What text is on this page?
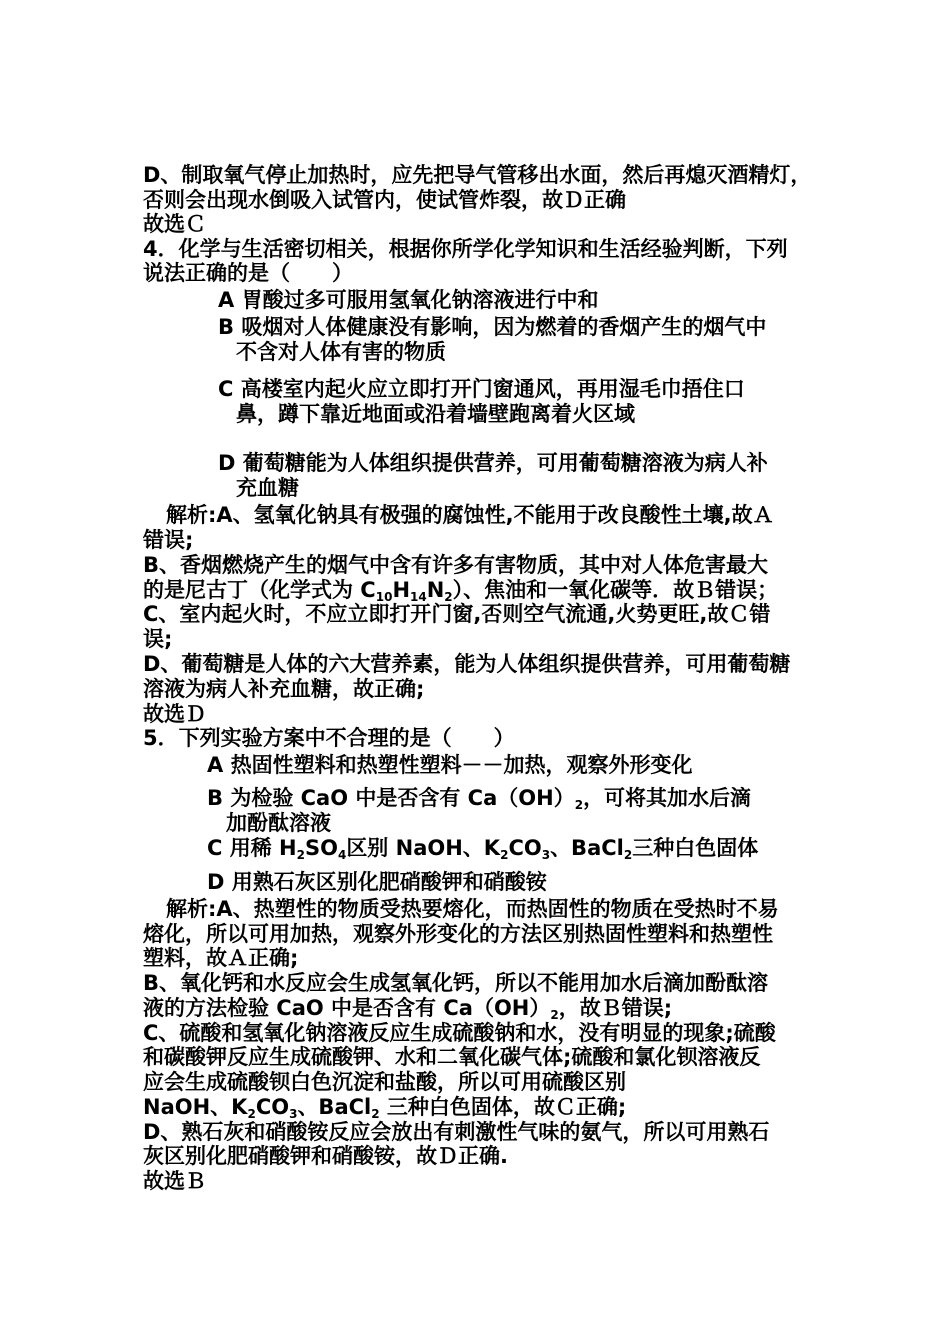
D、制取氧气停止加热时，应先把导气管移出水面，然后再熄灭酒精灯，

否则会出现水倒吸入试管内，使试管炸裂，故Ｄ正确

故选Ｃ

4．化学与生活密切相关，根据你所学化学知识和生活经验判断，下列

说法正确的是（　　）

A 胃酸过多可服用氢氧化钠溶液进行中和

B 吸烟对人体健康没有影响，因为燃着的香烟产生的烟气中

不含对人体有害的物质

C 高楼室内起火应立即打开门窗通风，再用湿毛巾捂住口

鼻，蹲下靠近地面或沿着墙壁跑离着火区域

D 葡萄糖能为人体组织提供营养，可用葡萄糖溶液为病人补

充血糖

解析:A、氢氧化钠具有极强的腐蚀性,不能用于改良酸性土壤,故Ａ

错误;

B、香烟燃烧产生的烟气中含有许多有害物质，其中对人体危害最大

的是尼古丁（化学式为 $C_{10}H_{14}N_2$）、焦油和一氧化碳等．故Ｂ错误；

C、室内起火时，不应立即打开门窗,否则空气流通,火势更旺,故Ｃ错

误;

D、葡萄糖是人体的六大营养素，能为人体组织提供营养，可用葡萄糖

溶液为病人补充血糖，故正确;

故选Ｄ

5．下列实验方案中不合理的是（　　）

A 热固性塑料和热塑性塑料－－加热，观察外形变化

B 为检验 CaO 中是否含有 $Ca(OH)_2$，可将其加水后滴

加酚酞溶液

C 用稀 $H_2SO_4$区别 NaOH、$K_2CO_3$、BaCl$_2$三种白色固体

D 用熟石灰区别化肥硝酸钾和硝酸铵

解析:A、热塑性的物质受热要熔化，而热固性的物质在受热时不易

熔化，所以可用加热，观察外形变化的方法区别热固性塑料和热塑性

塑料，故Ａ正确;

B、氧化钙和水反应会生成氢氧化钙，所以不能用加水后滴加酚酞溶

液的方法检验 CaO 中是否含有 $Ca(OH)_2$，故Ｂ错误;

C、硫酸和氢氧化钠溶液反应生成硫酸钠和水，没有明显的现象;硫酸

和碳酸钾反应生成硫酸钾、水和二氧化碳气体;硫酸和氯化钡溶液反

应会生成硫酸钡白色沉淀和盐酸，所以可用硫酸区别

NaOH、$K_2CO_3$、BaCl$_2$ 三种白色固体，故Ｃ正确;

D、熟石灰和硝酸铵反应会放出有刺激性气味的氨气，所以可用熟石

灰区别化肥硝酸钾和硝酸铵，故Ｄ正确.

故选Ｂ
